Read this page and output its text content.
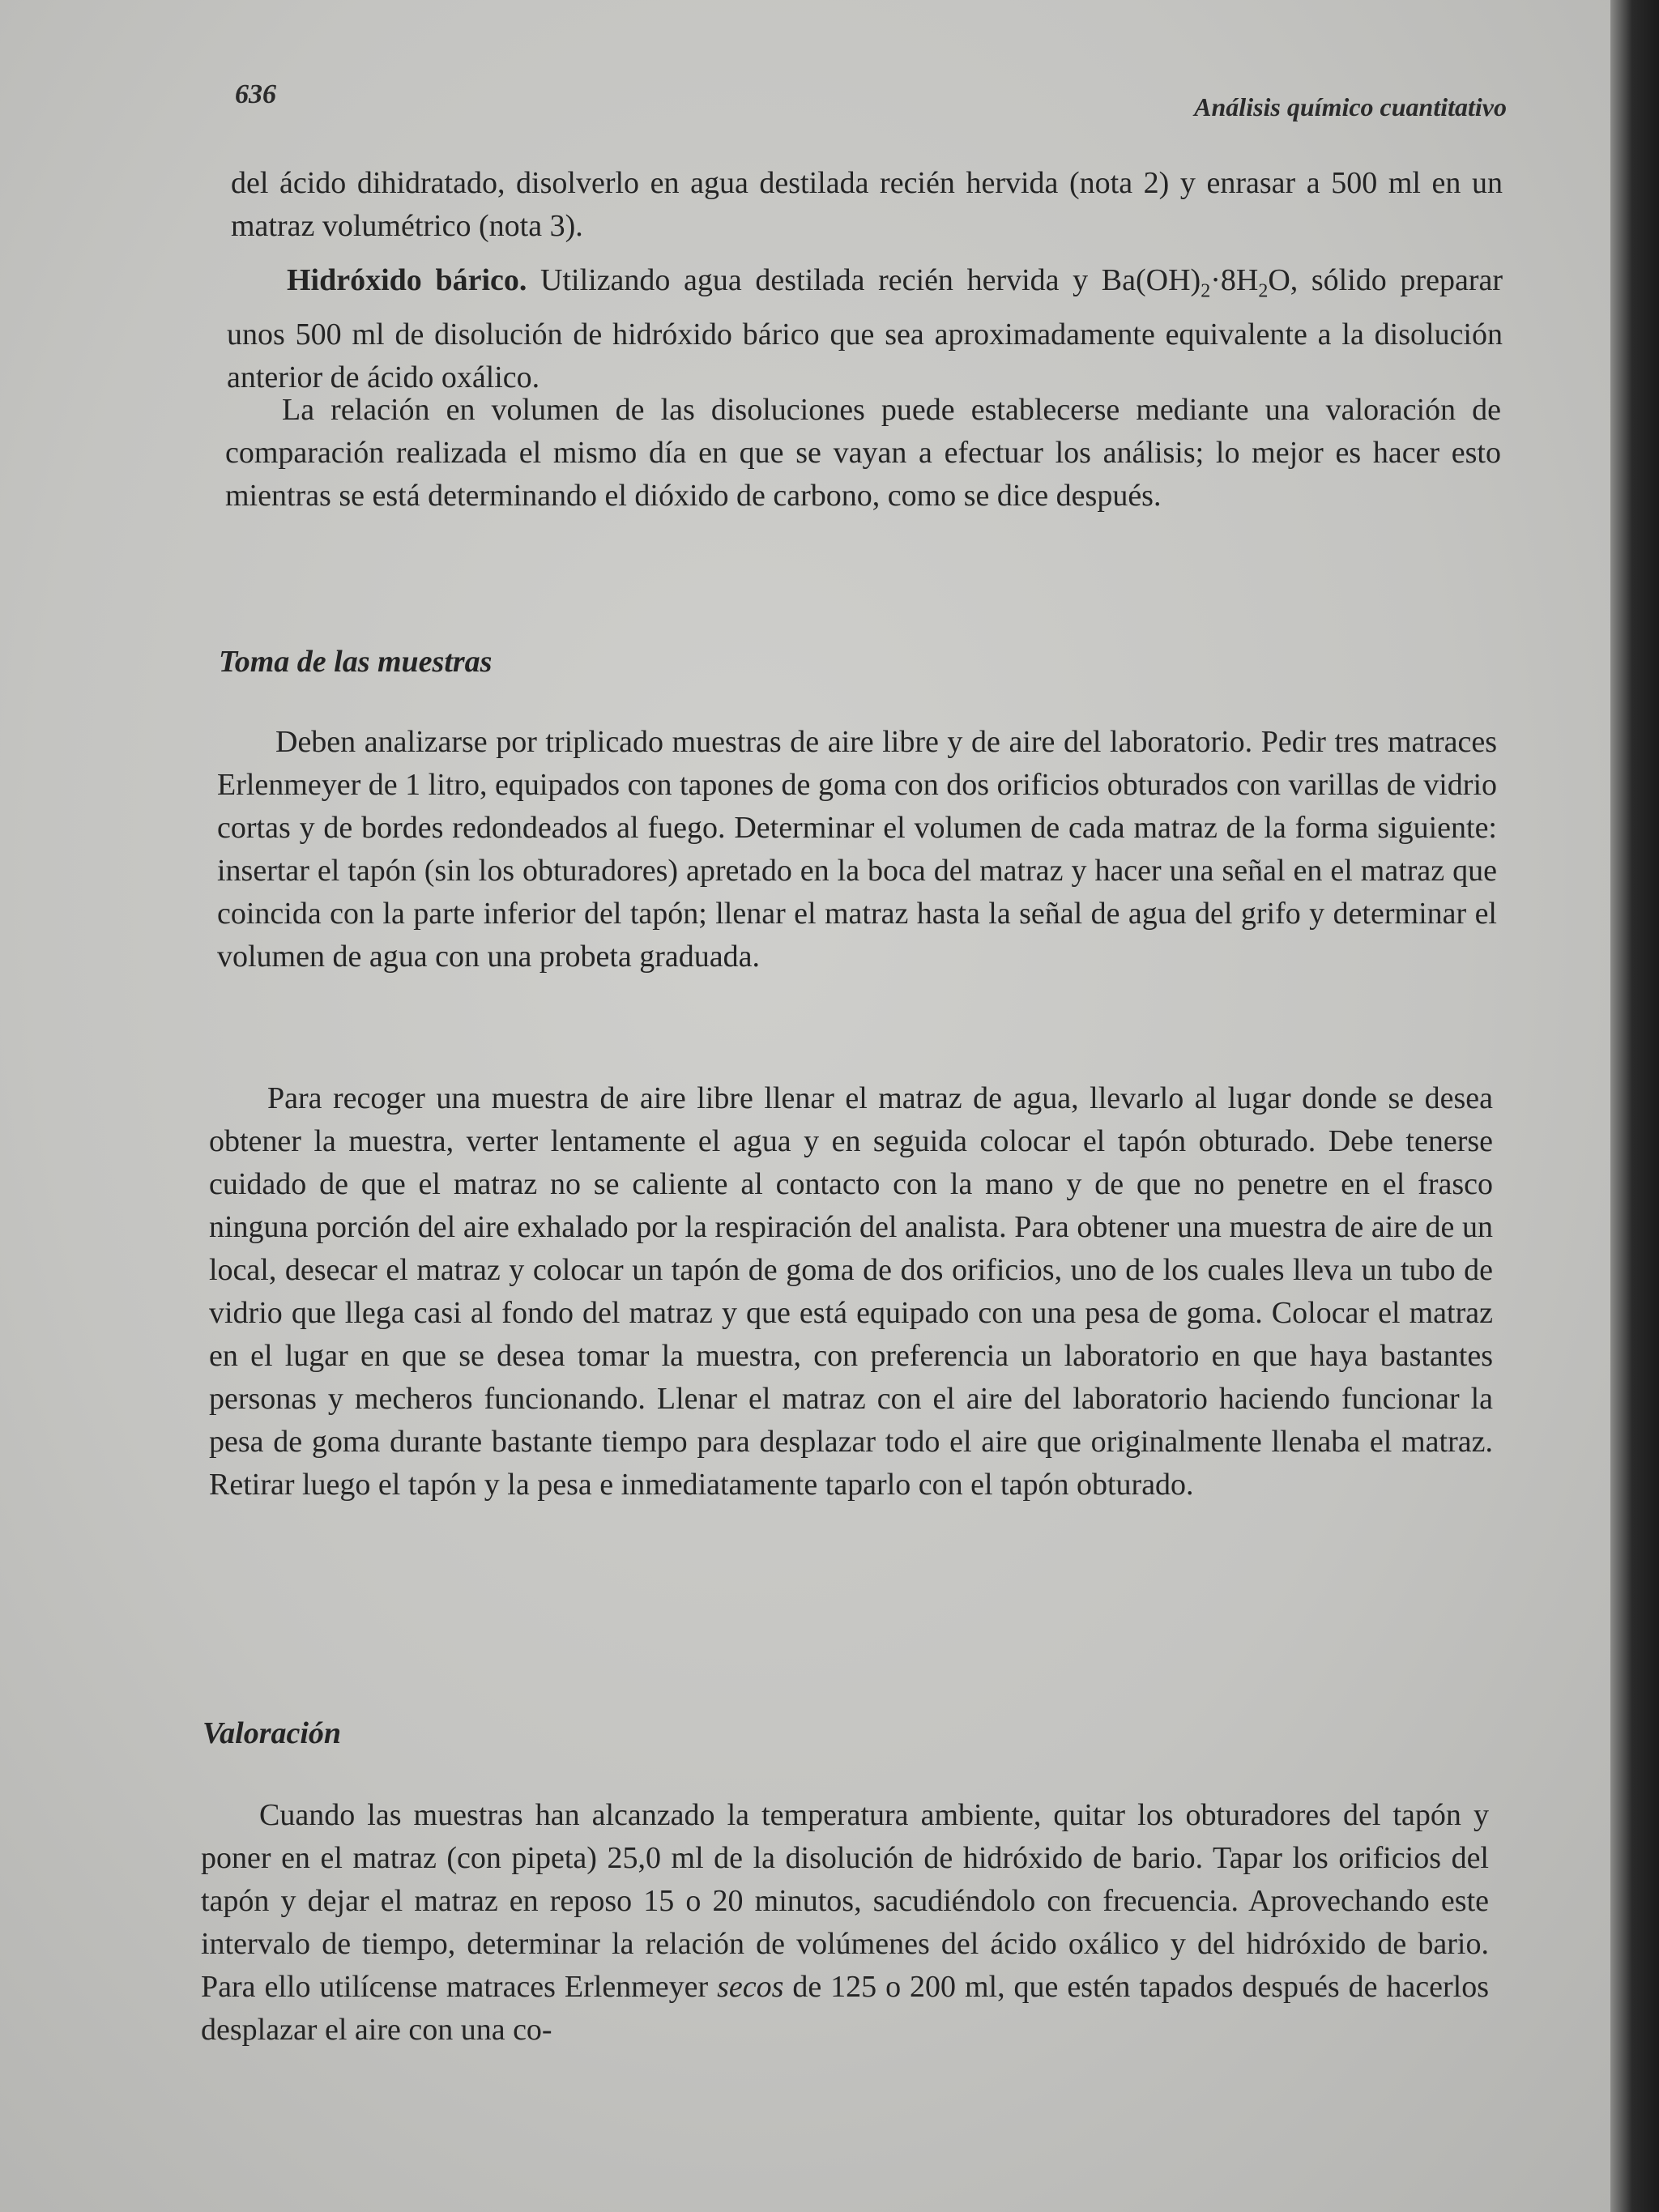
636	Análisis químico cuantitativo

del ácido dihidratado, disolverlo en agua destilada recién hervida (nota 2) y enrasar a 500 ml en un matraz volumétrico (nota 3).

Hidróxido bárico. Utilizando agua destilada recién hervida y $Ba(OH)_2\cdot 8H_2O$, sólido preparar unos 500 ml de disolución de hidróxido bárico que sea aproximadamente equivalente a la disolución anterior de ácido oxálico.

La relación en volumen de las disoluciones puede establecerse mediante una valoración de comparación realizada el mismo día en que se vayan a efectuar los análisis; lo mejor es hacer esto mientras se está determinando el dióxido de carbono, como se dice después.

Toma de las muestras

Deben analizarse por triplicado muestras de aire libre y de aire del laboratorio. Pedir tres matraces Erlenmeyer de 1 litro, equipados con tapones de goma con dos orificios obturados con varillas de vidrio cortas y de bordes redondeados al fuego. Determinar el volumen de cada matraz de la forma siguiente: insertar el tapón (sin los obturadores) apretado en la boca del matraz y hacer una señal en el matraz que coincida con la parte inferior del tapón; llenar el matraz hasta la señal de agua del grifo y determinar el volumen de agua con una probeta graduada.

Para recoger una muestra de aire libre llenar el matraz de agua, llevarlo al lugar donde se desea obtener la muestra, verter lentamente el agua y en seguida colocar el tapón obturado. Debe tenerse cuidado de que el matraz no se caliente al contacto con la mano y de que no penetre en el frasco ninguna porción del aire exhalado por la respiración del analista. Para obtener una muestra de aire de un local, desecar el matraz y colocar un tapón de goma de dos orificios, uno de los cuales lleva un tubo de vidrio que llega casi al fondo del matraz y que está equipado con una pesa de goma. Colocar el matraz en el lugar en que se desea tomar la muestra, con preferencia un laboratorio en que haya bastantes personas y mecheros funcionando. Llenar el matraz con el aire del laboratorio haciendo funcionar la pesa de goma durante bastante tiempo para desplazar todo el aire que originalmente llenaba el matraz. Retirar luego el tapón y la pesa e inmediatamente taparlo con el tapón obturado.

Valoración

Cuando las muestras han alcanzado la temperatura ambiente, quitar los obturadores del tapón y poner en el matraz (con pipeta) 25,0 ml de la disolución de hidróxido de bario. Tapar los orificios del tapón y dejar el matraz en reposo 15 o 20 minutos, sacudiéndolo con frecuencia. Aprovechando este intervalo de tiempo, determinar la relación de volúmenes del ácido oxálico y del hidróxido de bario. Para ello utilícense matraces Erlenmeyer secos de 125 o 200 ml, que estén tapados después de hacerlos desplazar el aire con una co-
